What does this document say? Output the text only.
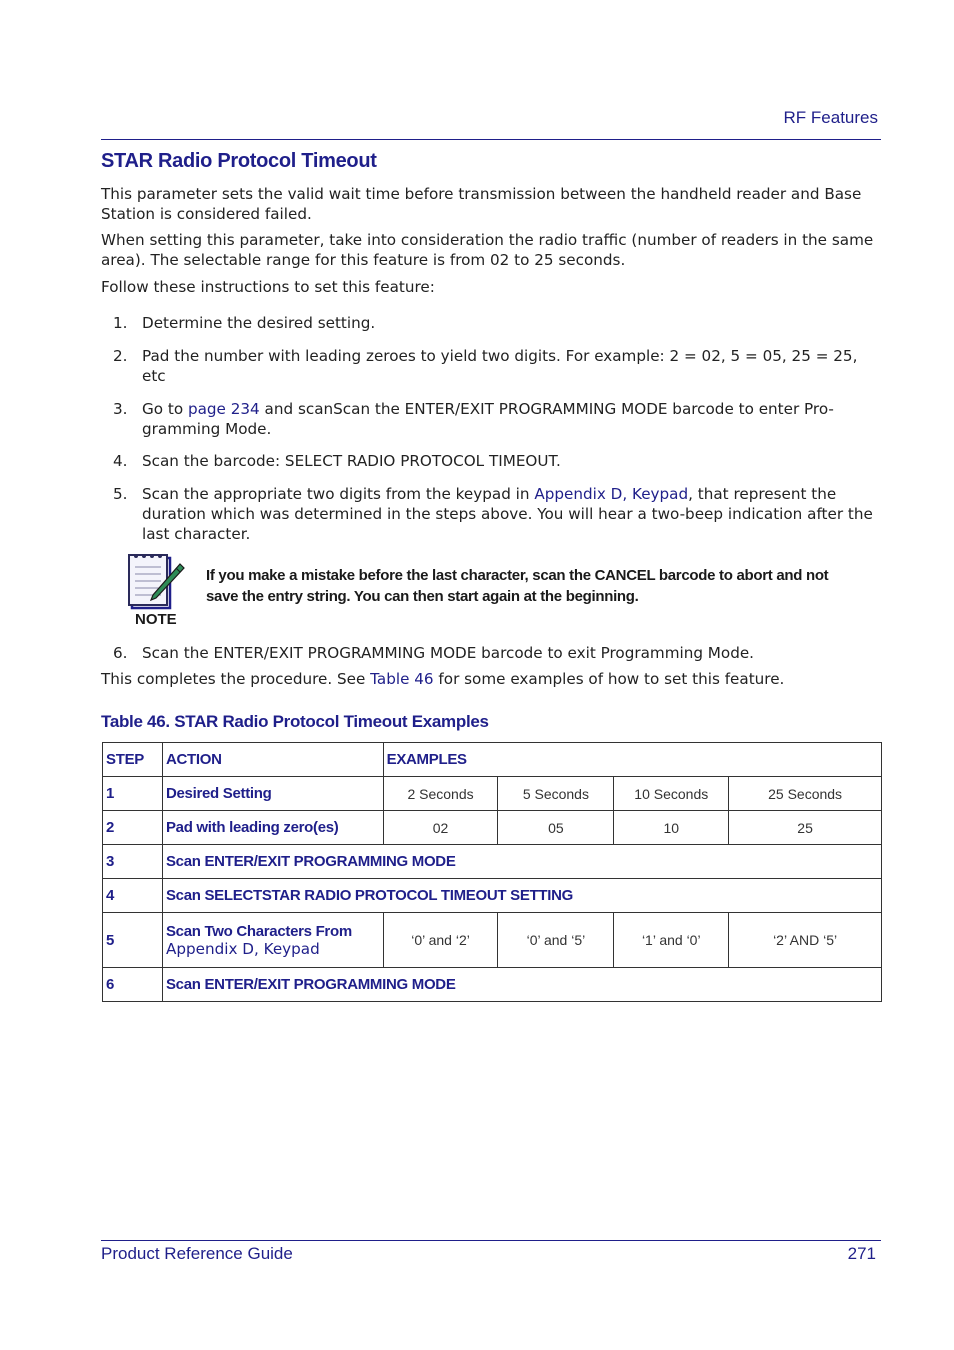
RF Features
STAR Radio Protocol Timeout
This parameter sets the valid wait time before transmission between the handheld reader and Base Station is considered failed.
When setting this parameter, take into consideration the radio traffic (number of readers in the same area). The selectable range for this feature is from 02 to 25 seconds.
Follow these instructions to set this feature:
1. Determine the desired setting.
2. Pad the number with leading zeroes to yield two digits. For example: 2 = 02, 5 = 05, 25 = 25, etc
3. Go to page 234 and scanScan the ENTER/EXIT PROGRAMMING MODE barcode to enter Pro-gramming Mode.
4. Scan the barcode: SELECT RADIO PROTOCOL TIMEOUT.
5. Scan the appropriate two digits from the keypad in Appendix D, Keypad, that represent the duration which was determined in the steps above. You will hear a two-beep indication after the last character.
NOTE
If you make a mistake before the last character, scan the CANCEL barcode to abort and not save the entry string. You can then start again at the beginning.
6. Scan the ENTER/EXIT PROGRAMMING MODE barcode to exit Programming Mode.
This completes the procedure. See Table 46 for some examples of how to set this feature.
Table 46. STAR Radio Protocol Timeout Examples
STEP	ACTION	EXAMPLES			
1	Desired Setting	2 Seconds	5 Seconds	10 Seconds	25 Seconds
2	Pad with leading zero(es)	02	05	10	25
3	Scan ENTER/EXIT PROGRAMMING MODE				
4	Scan SELECTSTAR RADIO PROTOCOL TIMEOUT SETTING				
5	Scan Two Characters From
Appendix D, Keypad	‘0’ and ‘2’	‘0’ and ‘5’	‘1’ and ‘0’	‘2’ AND ‘5’
6	Scan ENTER/EXIT PROGRAMMING MODE				
Product Reference Guide	271
